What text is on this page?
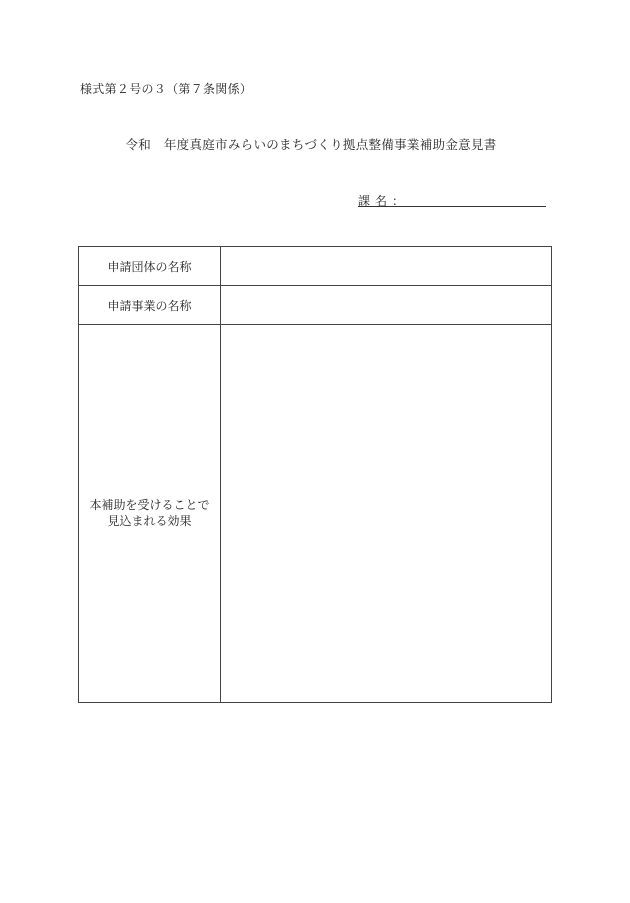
様式第２号の３（第７条関係）
令和　年度真庭市みらいのまちづくり拠点整備事業補助金意見書
課名：
申請団体の名称	
申請事業の名称	

本補助を受けることで
見込まれる効果	
